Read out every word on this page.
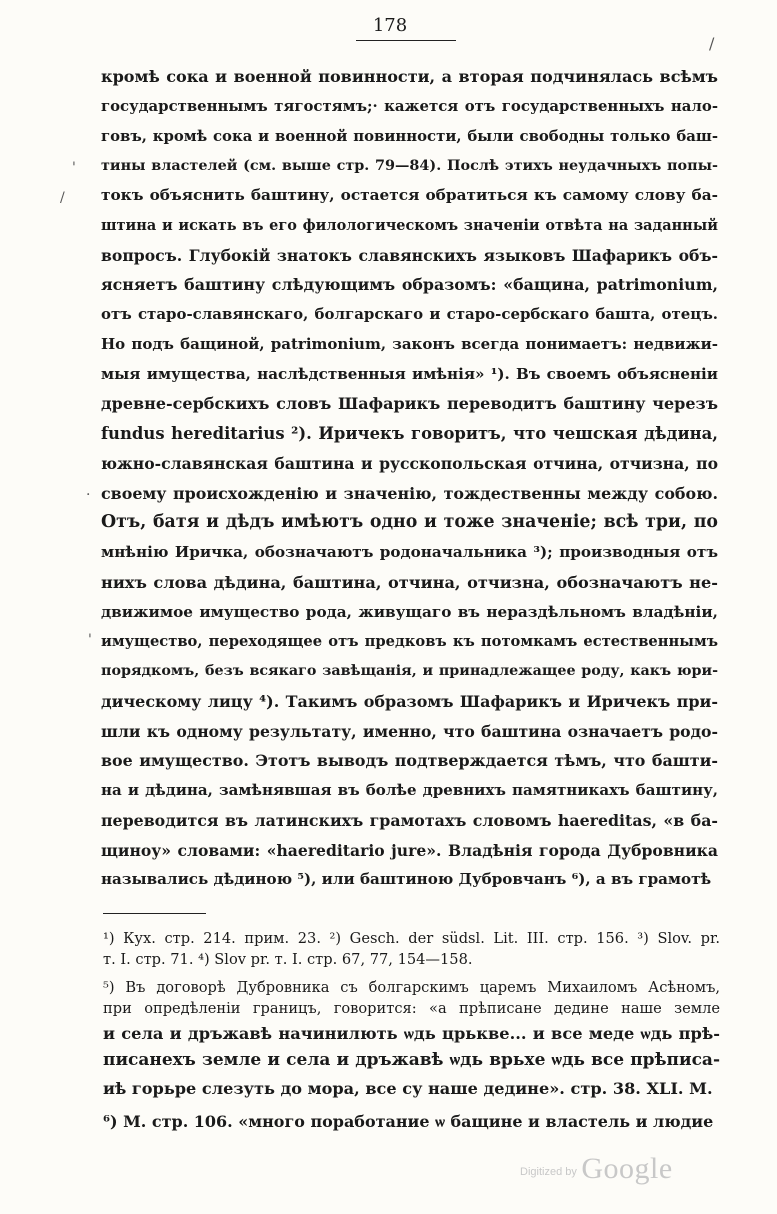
178
/
'
/
·
'
кромѣ сока и военной повинности, а вторая подчинялась всѣмъ
государственнымъ тягостямъ;· кажется отъ государственныхъ нало-
говъ, кромѣ сока и военной повинности, были свободны только баш-
тины властелей (см. выше стр. 79—84). Послѣ этихъ неудачныхъ попы-
токъ объяснить баштину, остается обратиться къ самому слову ба-
штина и искать въ его филологическомъ значеніи отвѣта на заданный
вопросъ. Глубокій знатокъ славянскихъ языковъ Шафарикъ объ-
ясняетъ баштину слѣдующимъ образомъ: «бащина, patrimonium,
отъ старо-славянскаго, болгарскаго и старо-сербскаго башта, отецъ.
Но подъ бащиной, patrimonium, законъ всегда понимаетъ: недвижи-
мыя имущества, наслѣдственныя имѣнія» ¹). Въ своемъ объясненіи
древне-сербскихъ словъ Шафарикъ переводитъ баштину черезъ
fundus hereditarius ²). Иричекъ говоритъ, что чешская дѣдина,
южно-славянская баштина и русскопольская отчина, отчизна, по
своему происхожденію и значенію, тождественны между собою.
Отъ, батя и дѣдъ имѣютъ одно и тоже значеніе; всѣ три, по
мнѣнію Иричка, обозначаютъ родоначальника ³); производныя отъ
нихъ слова дѣдина, баштина, отчина, отчизна, обозначаютъ не-
движимое имущество рода, живущаго въ нераздѣльномъ владѣніи,
имущество, переходящее отъ предковъ къ потомкамъ естественнымъ
порядкомъ, безъ всякаго завѣщанія, и принадлежащее роду, какъ юри-
дическому лицу ⁴). Такимъ образомъ Шафарикъ и Иричекъ при-
шли къ одному результату, именно, что баштина означаетъ родо-
вое имущество. Этотъ выводъ подтверждается тѣмъ, что башти-
на и дѣдина, замѣнявшая въ болѣе древнихъ памятникахъ баштину,
переводится въ латинскихъ грамотахъ словомъ haereditas, «в ба-
щиноу» словами: «haereditario jure». Владѣнія города Дубровника
назывались дѣдиною ⁵), или баштиною Дубровчанъ ⁶), а въ грамотѣ
¹) Кух. стр. 214. прим. 23. ²) Gesch. der südsl. Lit. III. стр. 156. ³) Slov. pr.
т. I. стр. 71. ⁴) Slov pr. т. I. стр. 67, 77, 154—158.
⁵) Въ договорѣ Дубровника съ болгарскимъ царемъ Михаиломъ Асѣномъ,
при опредѣленіи границъ, говорится: «а прѣписане дедине наше земле
и села и дръжавѣ начинилють ѡдь црькве... и все меде ѡдь прѣ-
писанехъ земле и села и дръжавѣ ѡдь врьхе ѡдь все прѣписа-
иѣ горьре слезуть до мора, все су наше дедине». стр. 38. XLI. M.
⁶) М. стр. 106. «много поработание ѡ бащине и властель и людие
Digitized by Google
